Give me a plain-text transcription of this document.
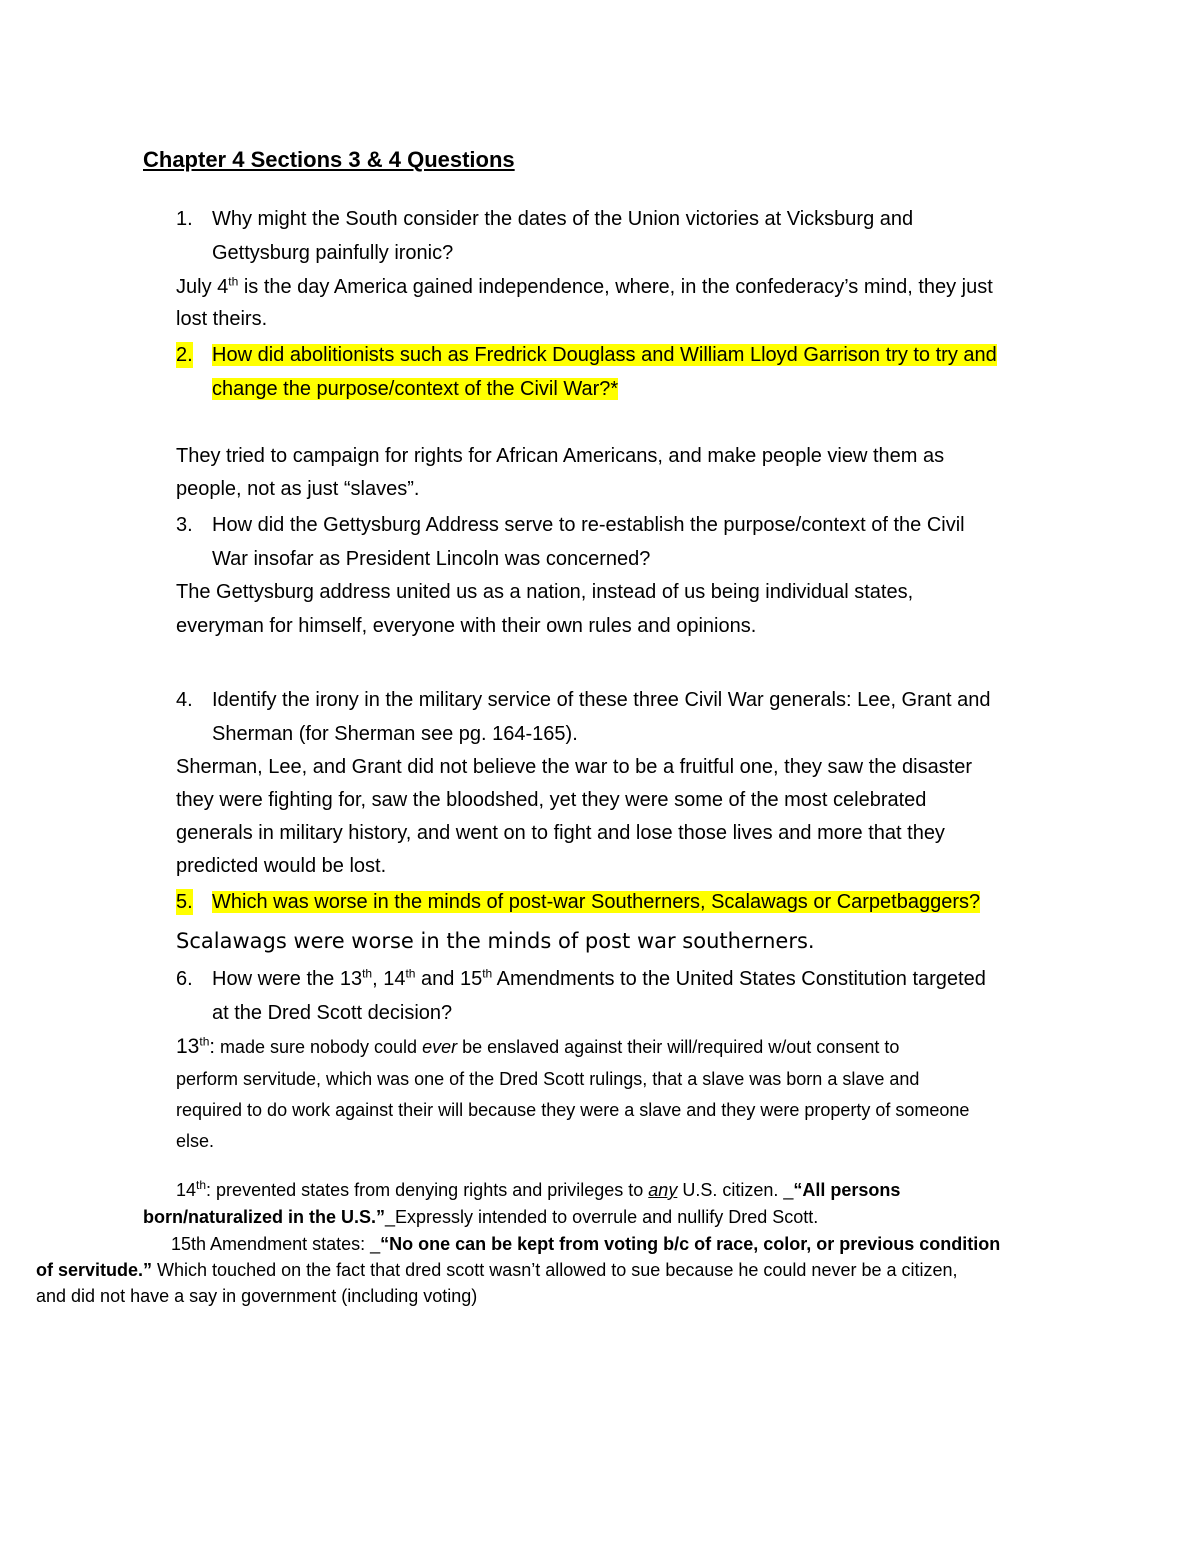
Chapter 4 Sections 3 & 4 Questions
1. Why might the South consider the dates of the Union victories at Vicksburg and
Gettysburg painfully ironic?
July 4th is the day America gained independence, where, in the confederacy’s mind, they just
lost theirs.
2. How did abolitionists such as Fredrick Douglass and William Lloyd Garrison try to try and
change the purpose/context of the Civil War?*
They tried to campaign for rights for African Americans, and make people view them as
people, not as just “slaves”.
3. How did the Gettysburg Address serve to re-establish the purpose/context of the Civil
War insofar as President Lincoln was concerned?
The Gettysburg address united us as a nation, instead of us being individual states,
everyman for himself, everyone with their own rules and opinions.
4. Identify the irony in the military service of these three Civil War generals: Lee, Grant and
Sherman (for Sherman see pg. 164-165).
Sherman, Lee, and Grant did not believe the war to be a fruitful one, they saw the disaster
they were fighting for, saw the bloodshed, yet they were some of the most celebrated
generals in military history, and went on to fight and lose those lives and more that they
predicted would be lost.
5. Which was worse in the minds of post-war Southerners, Scalawags or Carpetbaggers?
Scalawags were worse in the minds of post war southerners.
6. How were the 13th, 14th and 15th Amendments to the United States Constitution targeted
at the Dred Scott decision?
13th: made sure nobody could ever be enslaved against their will/required w/out consent to
perform servitude, which was one of the Dred Scott rulings, that a slave was born a slave and
required to do work against their will because they were a slave and they were property of someone
else.
14th: prevented states from denying rights and privileges to any U.S. citizen. _“All persons
born/naturalized in the U.S.”_Expressly intended to overrule and nullify Dred Scott.
15th Amendment states: _“No one can be kept from voting b/c of race, color, or previous condition
of servitude.” Which touched on the fact that dred scott wasn’t allowed to sue because he could never be a citizen,
and did not have a say in government (including voting)
